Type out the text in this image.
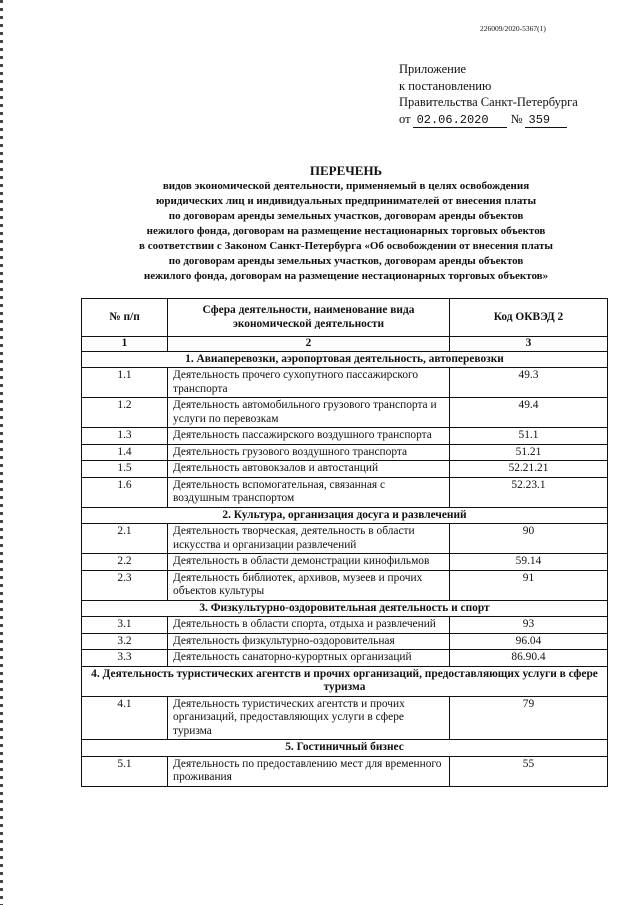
226009/2020-5367(1)
Приложение
к постановлению
Правительства Санкт-Петербурга
от 02.06.2020	№ 359
ПЕРЕЧЕНЬ
видов экономической деятельности, применяемый в целях освобождения
юридических лиц и индивидуальных предпринимателей от внесения платы
по договорам аренды земельных участков, договорам аренды объектов
нежилого фонда, договорам на размещение нестационарных торговых объектов
в соответствии с Законом Санкт-Петербурга «Об освобождении от внесения платы
по договорам аренды земельных участков, договорам аренды объектов
нежилого фонда, договорам на размещение нестационарных торговых объектов»
№ п/п	Сфера деятельности, наименование вида экономической деятельности	Код ОКВЭД 2
1	2	3
1. Авиаперевозки, аэропортовая деятельность, автоперевозки		
1.1	Деятельность прочего сухопутного пассажирского транспорта	49.3
1.2	Деятельность автомобильного грузового транспорта и услуги по перевозкам	49.4
1.3	Деятельность пассажирского воздушного транспорта	51.1
1.4	Деятельность грузового воздушного транспорта	51.21
1.5	Деятельность автовокзалов и автостанций	52.21.21
1.6	Деятельность вспомогательная, связанная с воздушным транспортом	52.23.1
2. Культура, организация досуга и развлечений		
2.1	Деятельность творческая, деятельность в области искусства и организации развлечений	90
2.2	Деятельность в области демонстрации кинофильмов	59.14
2.3	Деятельность библиотек, архивов, музеев и прочих объектов культуры	91
3. Физкультурно-оздоровительная деятельность и спорт		
3.1	Деятельность в области спорта, отдыха и развлечений	93
3.2	Деятельность физкультурно-оздоровительная	96.04
3.3	Деятельность санаторно-курортных организаций	86.90.4
4. Деятельность туристических агентств и прочих организаций, предоставляющих услуги в сфере туризма		
4.1	Деятельность туристических агентств и прочих организаций, предоставляющих услуги в сфере туризма	79
5. Гостиничный бизнес		
5.1	Деятельность по предоставлению мест для временного проживания	55
